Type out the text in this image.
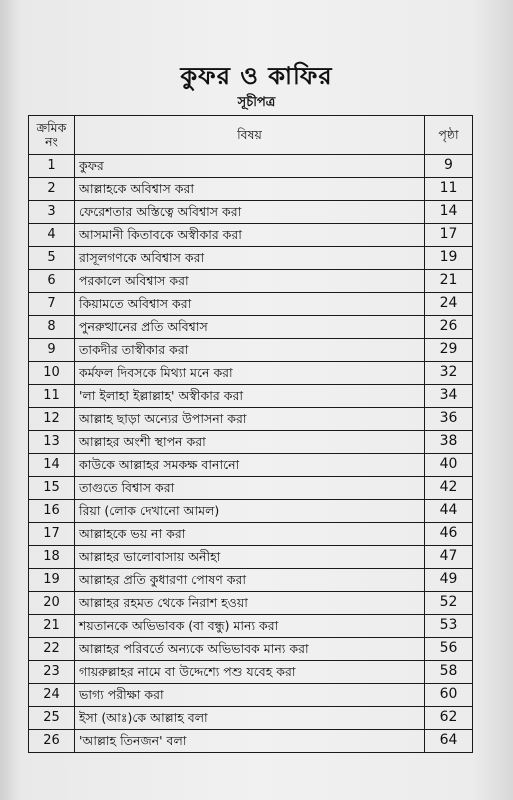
কুফর ও কাফির
সূচীপত্র
ক্রমিক নং	বিষয়	পৃষ্ঠা
1	কুফর	9
2	আল্লাহকে অবিশ্বাস করা	11
3	ফেরেশতার অস্তিত্বে অবিশ্বাস করা	14
4	আসমানী কিতাবকে অস্বীকার করা	17
5	রাসূলগণকে অবিশ্বাস করা	19
6	পরকালে অবিশ্বাস করা	21
7	কিয়ামতে অবিশ্বাস করা	24
8	পুনরুত্থানের প্রতি অবিশ্বাস	26
9	তাকদীর তাস্বীকার করা	29
10	কর্মফল দিবসকে মিথ্যা মনে করা	32
11	'লা ইলাহা ইল্লাল্লাহ' অস্বীকার করা	34
12	আল্লাহ ছাড়া অন্যের উপাসনা করা	36
13	আল্লাহর অংশী স্থাপন করা	38
14	কাউকে আল্লাহর সমকক্ষ বানানো	40
15	তাগুতে বিশ্বাস করা	42
16	রিয়া (লোক দেখানো আমল)	44
17	আল্লাহকে ভয় না করা	46
18	আল্লাহর ভালোবাসায় অনীহা	47
19	আল্লাহর প্রতি কুধারণা পোষণ করা	49
20	আল্লাহর রহমত থেকে নিরাশ হওয়া	52
21	শয়তানকে অভিভাবক (বা বন্ধু) মান্য করা	53
22	আল্লাহর পরিবর্তে অন্যকে অভিভাবক মান্য করা	56
23	গায়রুল্লাহর নামে বা উদ্দেশ্যে পশু যবেহ করা	58
24	ভাগ্য পরীক্ষা করা	60
25	ইসা (আঃ)কে আল্লাহ বলা	62
26	'আল্লাহ তিনজন' বলা	64
